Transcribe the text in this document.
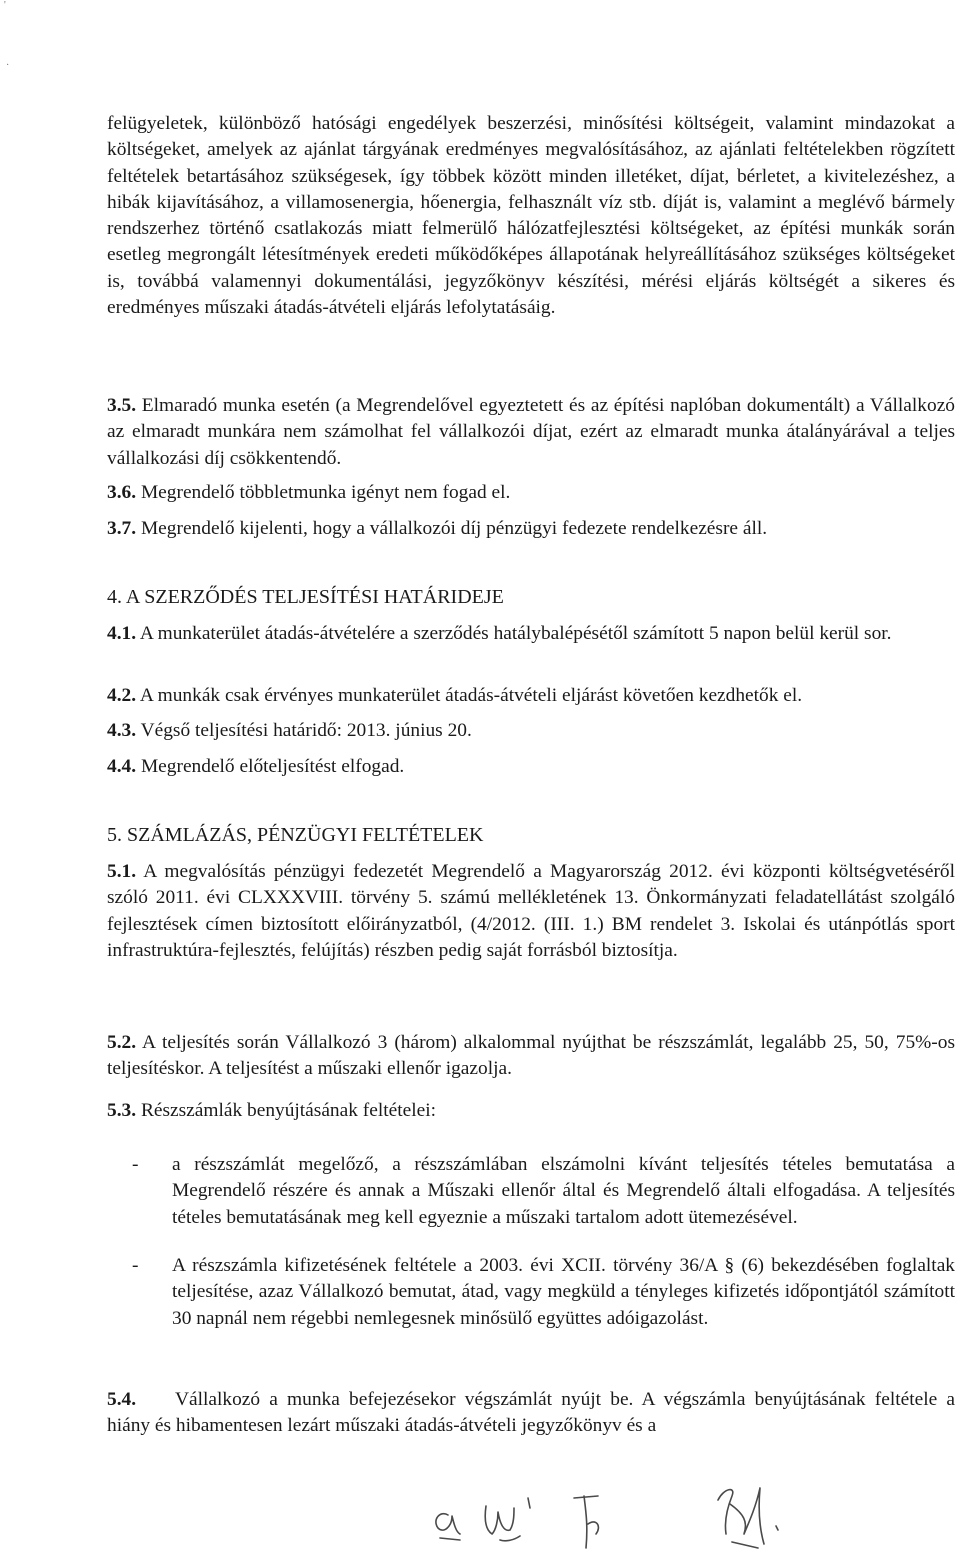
'
·

felügyeletek, különböző hatósági engedélyek beszerzési, minősítési költségeit, valamint mindazokat a költségeket, amelyek az ajánlat tárgyának eredményes megvalósításához, az ajánlati feltételekben rögzített feltételek betartásához szükségesek, így többek között minden illetéket, díjat, bérletet, a kivitelezéshez, a hibák kijavításához, a villamosenergia, hőenergia, felhasznált víz stb. díját is, valamint a meglévő bármely rendszerhez történő csatlakozás miatt felmerülő hálózatfejlesztési költségeket, az építési munkák során esetleg megrongált létesítmények eredeti működőképes állapotának helyreállításához szükséges költségeket is, továbbá valamennyi dokumentálási, jegyzőkönyv készítési, mérési eljárás költségét a sikeres és eredményes műszaki átadás-átvételi eljárás lefolytatásáig.

3.5. Elmaradó munka esetén (a Megrendelővel egyeztetett és az építési naplóban dokumentált) a Vállalkozó az elmaradt munkára nem számolhat fel vállalkozói díjat, ezért az elmaradt munka átalányárával a teljes vállalkozási díj csökkentendő.

3.6. Megrendelő többletmunka igényt nem fogad el.

3.7. Megrendelő kijelenti, hogy a vállalkozói díj pénzügyi fedezete rendelkezésre áll.

4. A SZERZŐDÉS TELJESÍTÉSI HATÁRIDEJE

4.1. A munkaterület átadás-átvételére a szerződés hatálybalépésétől számított 5 napon belül kerül sor.

4.2. A munkák csak érvényes munkaterület átadás-átvételi eljárást követően kezdhetők el.

4.3. Végső teljesítési határidő: 2013. június 20.

4.4. Megrendelő előteljesítést elfogad.

5. SZÁMLÁZÁS, PÉNZÜGYI FELTÉTELEK

5.1. A megvalósítás pénzügyi fedezetét Megrendelő a Magyarország 2012. évi központi költségvetéséről szóló 2011. évi CLXXXVIII. törvény 5. számú mellékletének 13. Önkormányzati feladatellátást szolgáló fejlesztések címen biztosított előirányzatból, (4/2012. (III. 1.) BM rendelet 3. Iskolai és utánpótlás sport infrastruktúra-fejlesztés, felújítás) részben pedig saját forrásból biztosítja.

5.2. A teljesítés során Vállalkozó 3 (három) alkalommal nyújthat be részszámlát, legalább 25, 50, 75%-os teljesítéskor. A teljesítést a műszaki ellenőr igazolja.

5.3. Részszámlák benyújtásának feltételei:

- a részszámlát megelőző, a részszámlában elszámolni kívánt teljesítés tételes bemutatása a Megrendelő részére és annak a Műszaki ellenőr által és Megrendelő általi elfogadása. A teljesítés tételes bemutatásának meg kell egyeznie a műszaki tartalom adott ütemezésével.

- A részszámla kifizetésének feltétele a 2003. évi XCII. törvény 36/A § (6) bekezdésében foglaltak teljesítése, azaz Vállalkozó bemutat, átad, vagy megküld a tényleges kifizetés időpontjától számított 30 napnál nem régebbi nemlegesnek minősülő együttes adóigazolást.

5.4.	Vállalkozó a munka befejezésekor végszámlát nyújt be. A végszámla benyújtásának feltétele a hiány és hibamentesen lezárt műszaki átadás-átvételi jegyzőkönyv és a
